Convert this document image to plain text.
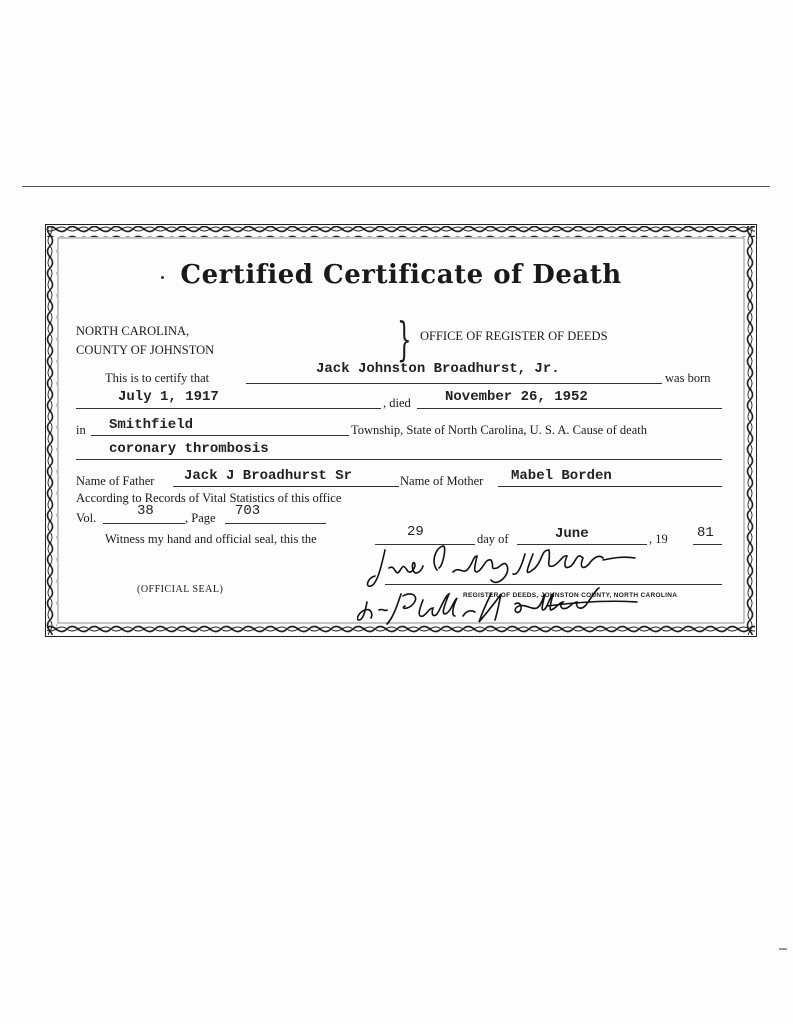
Certified Certificate of Death
NORTH CAROLINA,
COUNTY OF JOHNSTON	} OFFICE OF REGISTER OF DEEDS
This is to certify that
Jack Johnston Broadhurst, Jr.
was born
July 1, 1917	, died November 26, 1952
in Smithfield	Township, State of North Carolina, U. S. A. Cause of death
coronary thrombosis
Name of Father Jack J Broadhurst Sr	Name of Mother Mabel Borden
According to Records of Vital Statistics of this office
Vol.	38 , Page 703
Witness my hand and official seal, this the	29	day of	June	, 19 81
(OFFICIAL SEAL)
REGISTER OF DEEDS, JOHNSTON COUNTY, NORTH CAROLINA
